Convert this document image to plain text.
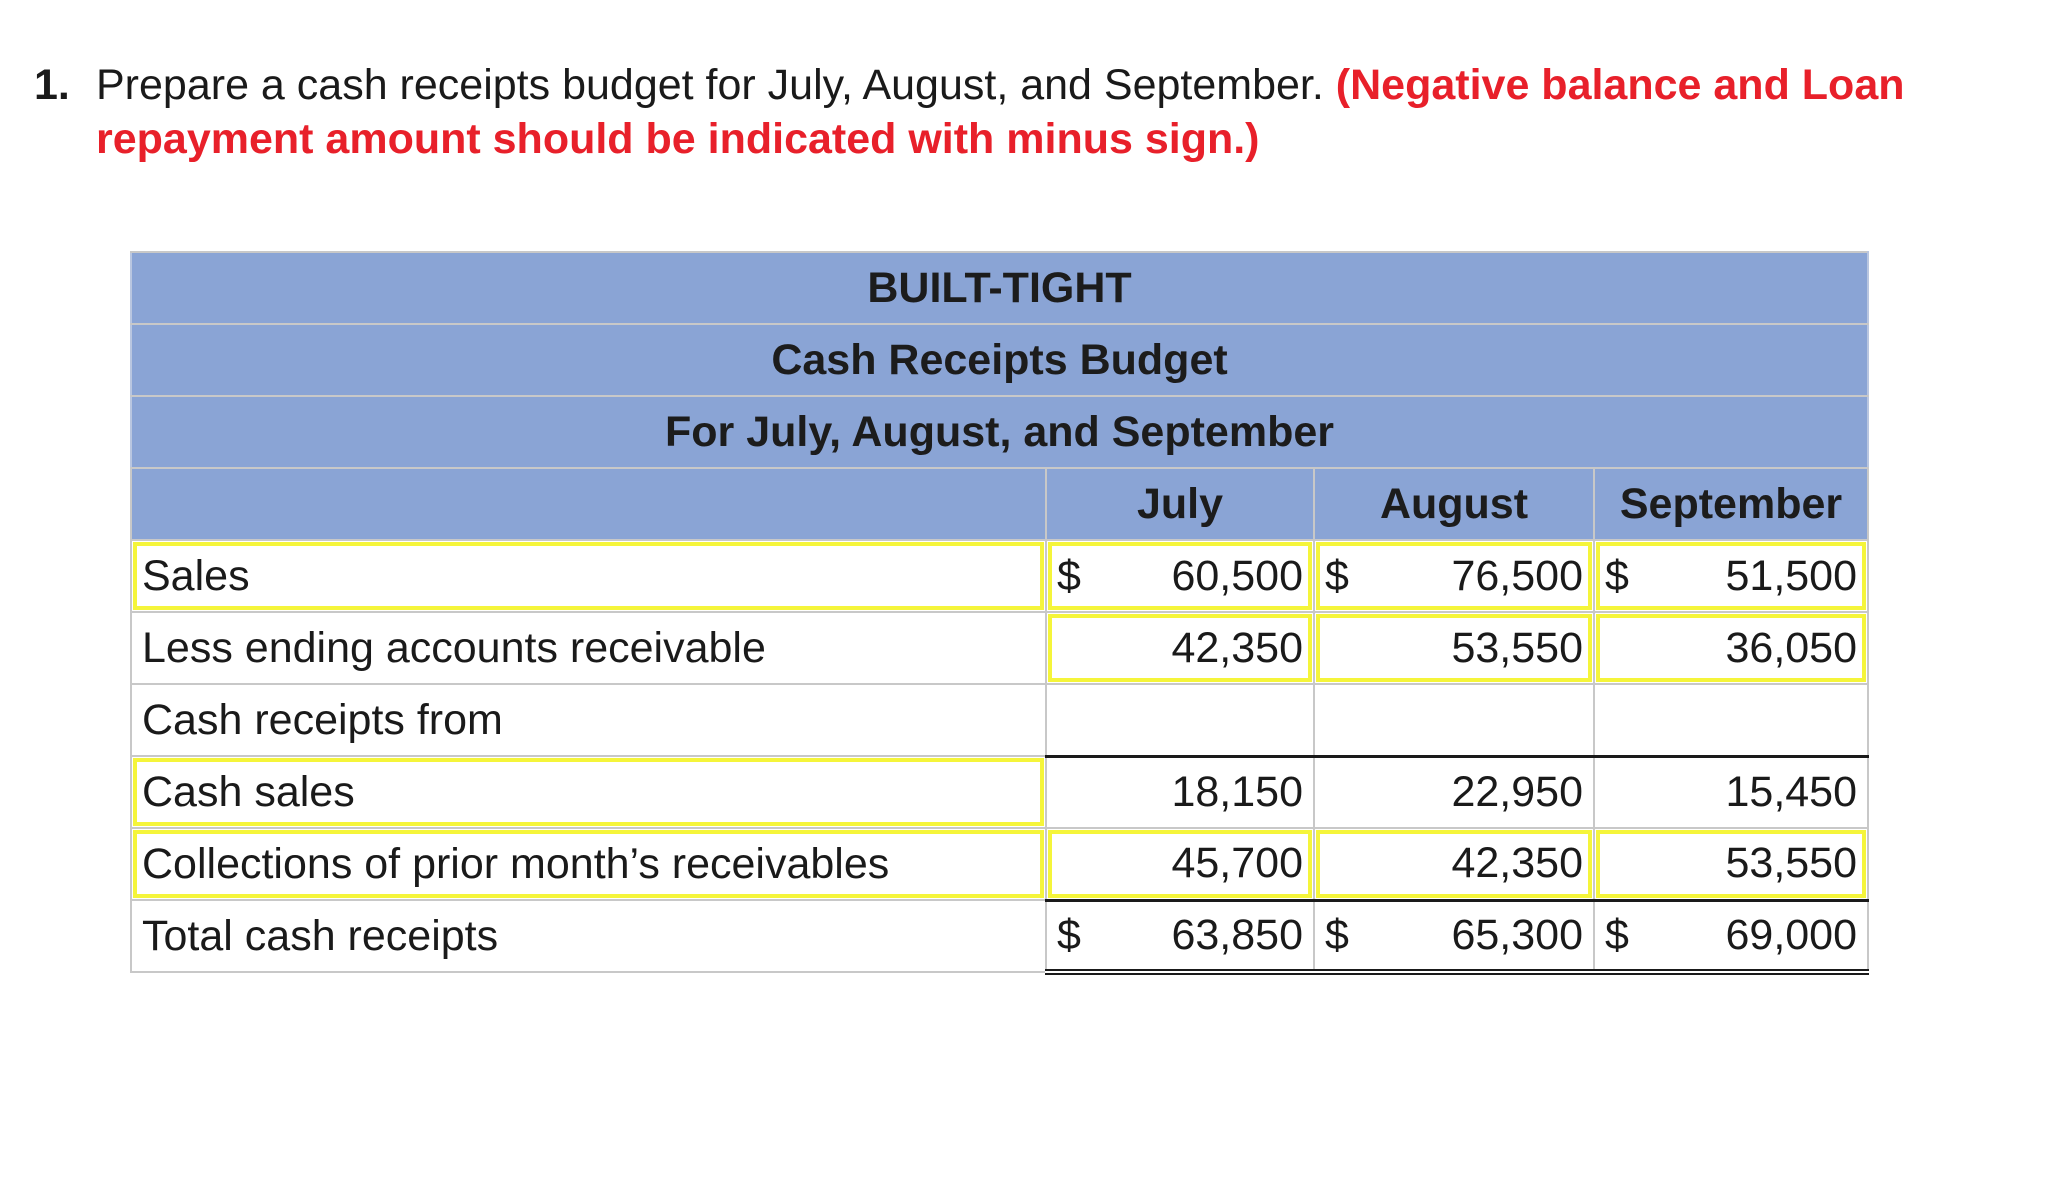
1. Prepare a cash receipts budget for July, August, and September. (Negative balance and Loan repayment amount should be indicated with minus sign.)
BUILT-TIGHT			
Cash Receipts Budget			
For July, August, and September			
	July	August	September
Sales	$ 60,500	$ 76,500	$ 51,500
Less ending accounts receivable	42,350	53,550	36,050
Cash receipts from			
Cash sales	18,150	22,950	15,450
Collections of prior month’s receivables	45,700	42,350	53,550
Total cash receipts	$ 63,850	$ 65,300	$ 69,000
